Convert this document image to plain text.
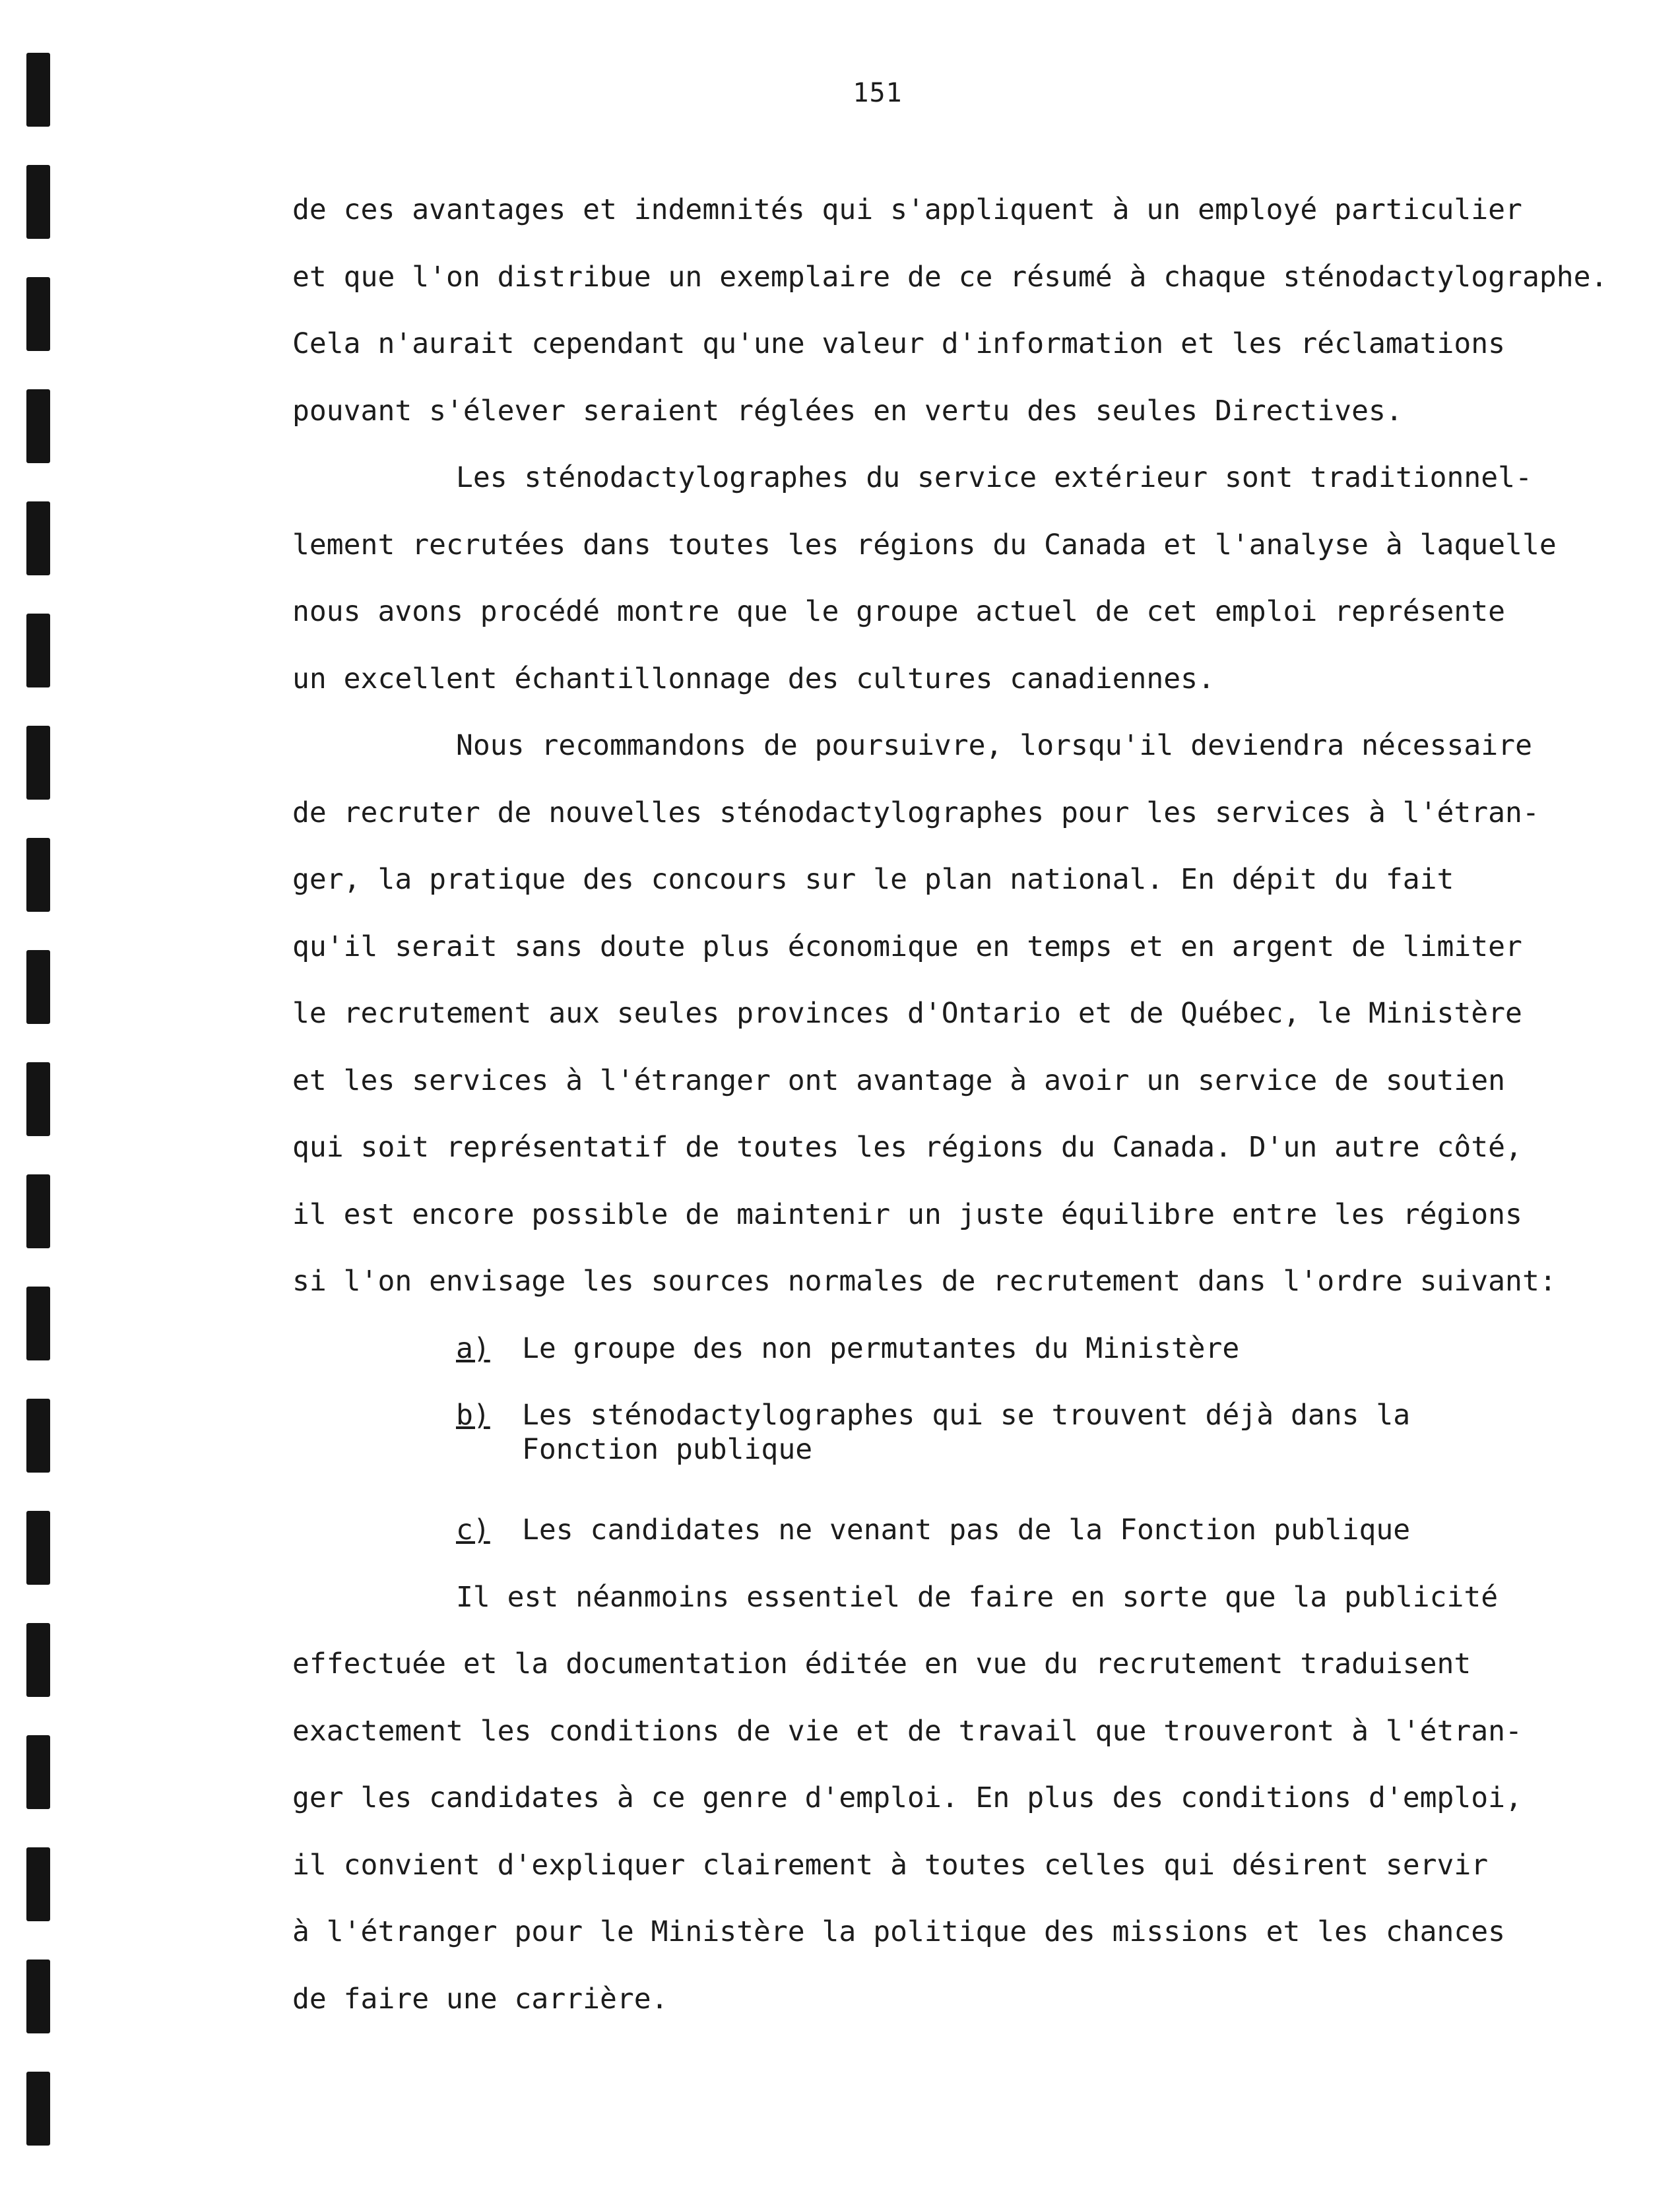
151
de ces avantages et indemnités qui s'appliquent à un employé particulier
et que l'on distribue un exemplaire de ce résumé à chaque sténodactylographe.
Cela n'aurait cependant qu'une valeur d'information et les réclamations
pouvant s'élever seraient réglées en vertu des seules Directives.
Les sténodactylographes du service extérieur sont traditionnel-
lement recrutées dans toutes les régions du Canada et l'analyse à laquelle
nous avons procédé montre que le groupe actuel de cet emploi représente
un excellent échantillonnage des cultures canadiennes.
Nous recommandons de poursuivre, lorsqu'il deviendra nécessaire
de recruter de nouvelles sténodactylographes pour les services à l'étran-
ger, la pratique des concours sur le plan national. En dépit du fait
qu'il serait sans doute plus économique en temps et en argent de limiter
le recrutement aux seules provinces d'Ontario et de Québec, le Ministère
et les services à l'étranger ont avantage à avoir un service de soutien
qui soit représentatif de toutes les régions du Canada. D'un autre côté,
il est encore possible de maintenir un juste équilibre entre les régions
si l'on envisage les sources normales de recrutement dans l'ordre suivant:
a) Le groupe des non permutantes du Ministère
b) Les sténodactylographes qui se trouvent déjà dans la
Fonction publique
c) Les candidates ne venant pas de la Fonction publique
Il est néanmoins essentiel de faire en sorte que la publicité
effectuée et la documentation éditée en vue du recrutement traduisent
exactement les conditions de vie et de travail que trouveront à l'étran-
ger les candidates à ce genre d'emploi. En plus des conditions d'emploi,
il convient d'expliquer clairement à toutes celles qui désirent servir
à l'étranger pour le Ministère la politique des missions et les chances
de faire une carrière.
